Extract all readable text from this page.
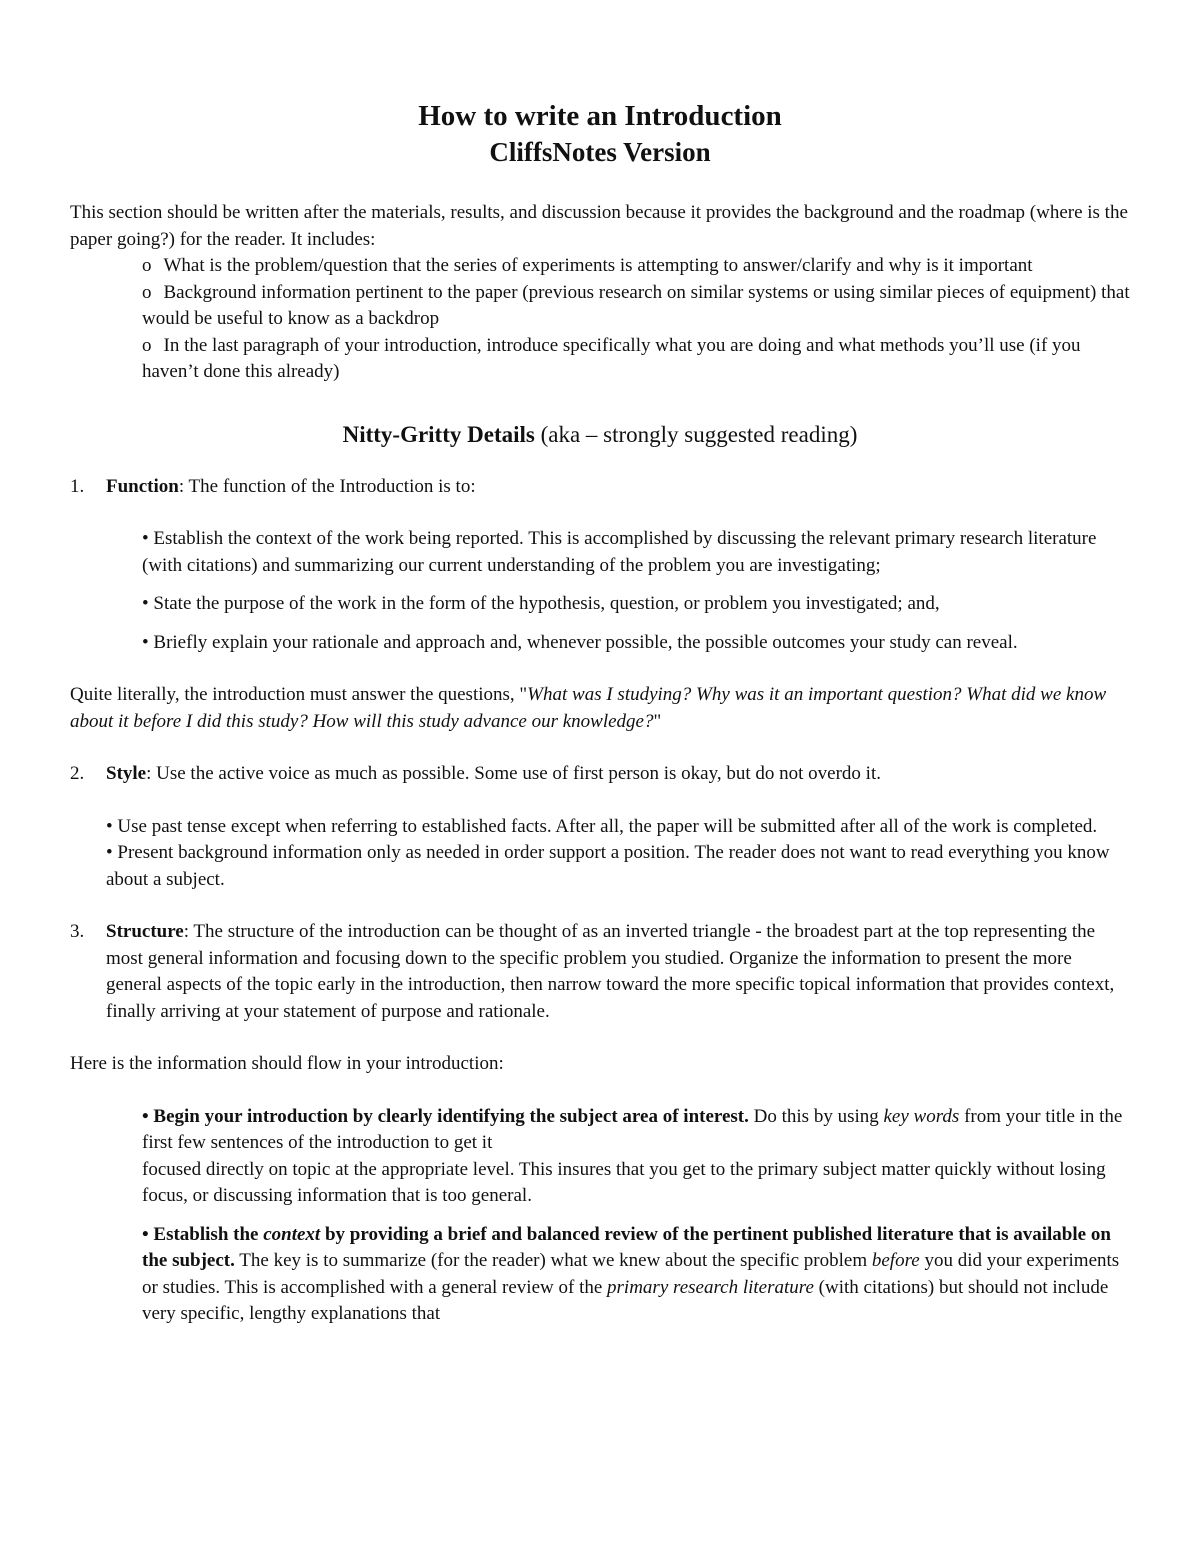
How to write an Introduction
CliffsNotes Version

This section should be written after the materials, results, and discussion because it provides the background and the roadmap (where is the paper going?) for the reader. It includes:

o What is the problem/question that the series of experiments is attempting to answer/clarify and why is it important
o Background information pertinent to the paper (previous research on similar systems or using similar pieces of equipment) that would be useful to know as a backdrop
o In the last paragraph of your introduction, introduce specifically what you are doing and what methods you’ll use (if you haven’t done this already)
Nitty-Gritty Details (aka – strongly suggested reading)
1. Function: The function of the Introduction is to:
• Establish the context of the work being reported. This is accomplished by discussing the relevant primary research literature (with citations) and summarizing our current understanding of the problem you are investigating;
• State the purpose of the work in the form of the hypothesis, question, or problem you investigated; and,
• Briefly explain your rationale and approach and, whenever possible, the possible outcomes your study can reveal.

Quite literally, the introduction must answer the questions, "What was I studying? Why was it an important question? What did we know about it before I did this study? How will this study advance our knowledge?"

2. Style: Use the active voice as much as possible. Some use of first person is okay, but do not overdo it.
• Use past tense except when referring to established facts. After all, the paper will be submitted after all of the work is completed.
• Present background information only as needed in order support a position. The reader does not want to read everything you know about a subject.
3. Structure: The structure of the introduction can be thought of as an inverted triangle - the broadest part at the top representing the most general information and focusing down to the specific problem you studied. Organize the information to present the more general aspects of the topic early in the introduction, then narrow toward the more specific topical information that provides context, finally arriving at your statement of purpose and rationale.

Here is the information should flow in your introduction:

• Begin your introduction by clearly identifying the subject area of interest. Do this by using key words from your title in the first few sentences of the introduction to get it

focused directly on topic at the appropriate level. This insures that you get to the primary subject matter quickly without losing focus, or discussing information that is too general.

• Establish the context by providing a brief and balanced review of the pertinent published literature that is available on the subject. The key is to summarize (for the reader) what we knew about the specific problem before you did your experiments or studies. This is accomplished with a general review of the primary research literature (with citations) but should not include very specific, lengthy explanations that
